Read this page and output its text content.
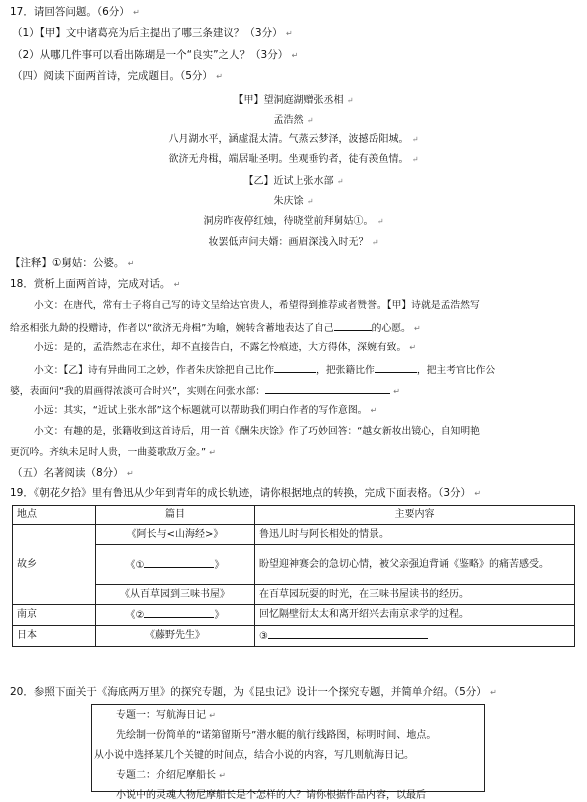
17．请回答问题。（6分） ↵
（1）【甲】文中诸葛亮为后主提出了哪三条建议？（3分） ↵
（2）从哪几件事可以看出陈瑚是一个“良实”之人？（3分） ↵
（四）阅读下面两首诗，完成题目。（5分） ↵
【甲】望洞庭湖赠张丞相 ↵
孟浩然 ↵
八月湖水平，涵虚混太清。气蒸云梦泽，波撼岳阳城。 ↵
欲济无舟楫，端居耻圣明。坐观垂钓者，徒有羡鱼情。 ↵
【乙】近试上张水部 ↵
朱庆馀 ↵
洞房昨夜停红烛，待晓堂前拜舅姑①。 ↵
妆罢低声问夫婿：画眉深浅入时无？ ↵
【注释】①舅姑：公婆。 ↵
18．赏析上面两首诗，完成对话。 ↵
小文：在唐代，常有士子将自己写的诗文呈给达官贵人，希望得到推荐或者赞誉。【甲】诗就是孟浩然写
给丞相张九龄的投赠诗，作者以“欲济无舟楫”为喻，婉转含蓄地表达了自己	的心愿。 ↵
小远：是的，孟浩然志在求仕，却不直接告白，不露乞怜痕迹，大方得体，深婉有致。 ↵
小文：【乙】诗有异曲同工之妙，作者朱庆馀把自己比作	，把张籍比作	，把主考官比作公
婆，表面问“我的眉画得浓淡可合时兴”，实则在问张水部：	↵
小远：其实，“近试上张水部”这个标题就可以帮助我们明白作者的写作意图。 ↵
小文：有趣的是，张籍收到这首诗后，用一首《酬朱庆馀》作了巧妙回答：“越女新妆出镜心，自知明艳
更沉吟。齐纨未足时人贵，一曲菱歌敌万金。” ↵
（五）名著阅读（8分） ↵
19．《朝花夕拾》里有鲁迅从少年到青年的成长轨迹，请你根据地点的转换，完成下面表格。（3分） ↵
地点	篇目	主要内容
故乡	《阿长与<山海经>》	鲁迅儿时与阿长相处的情景。
	《① 》	盼望迎神赛会的急切心情，被父亲强迫背诵《鉴略》的痛苦感受。
	《从百草园到三味书屋》	在百草园玩耍的时光，在三味书屋读书的经历。
南京	《② 》	回忆隔壁衍太太和离开绍兴去南京求学的过程。
日本	《藤野先生》	③
20．参照下面关于《海底两万里》的探究专题，为《昆虫记》设计一个探究专题，并简单介绍。（5分） ↵
专题一：写航海日记 ↵
先绘制一份简单的“诺第留斯号”潜水艇的航行线路图，标明时间、地点。
从小说中选择某几个关键的时间点，结合小说的内容，写几则航海日记。
专题二：介绍尼摩船长 ↵
小说中的灵魂人物尼摩船长是个怎样的人？请你根据作品内容，以最后
